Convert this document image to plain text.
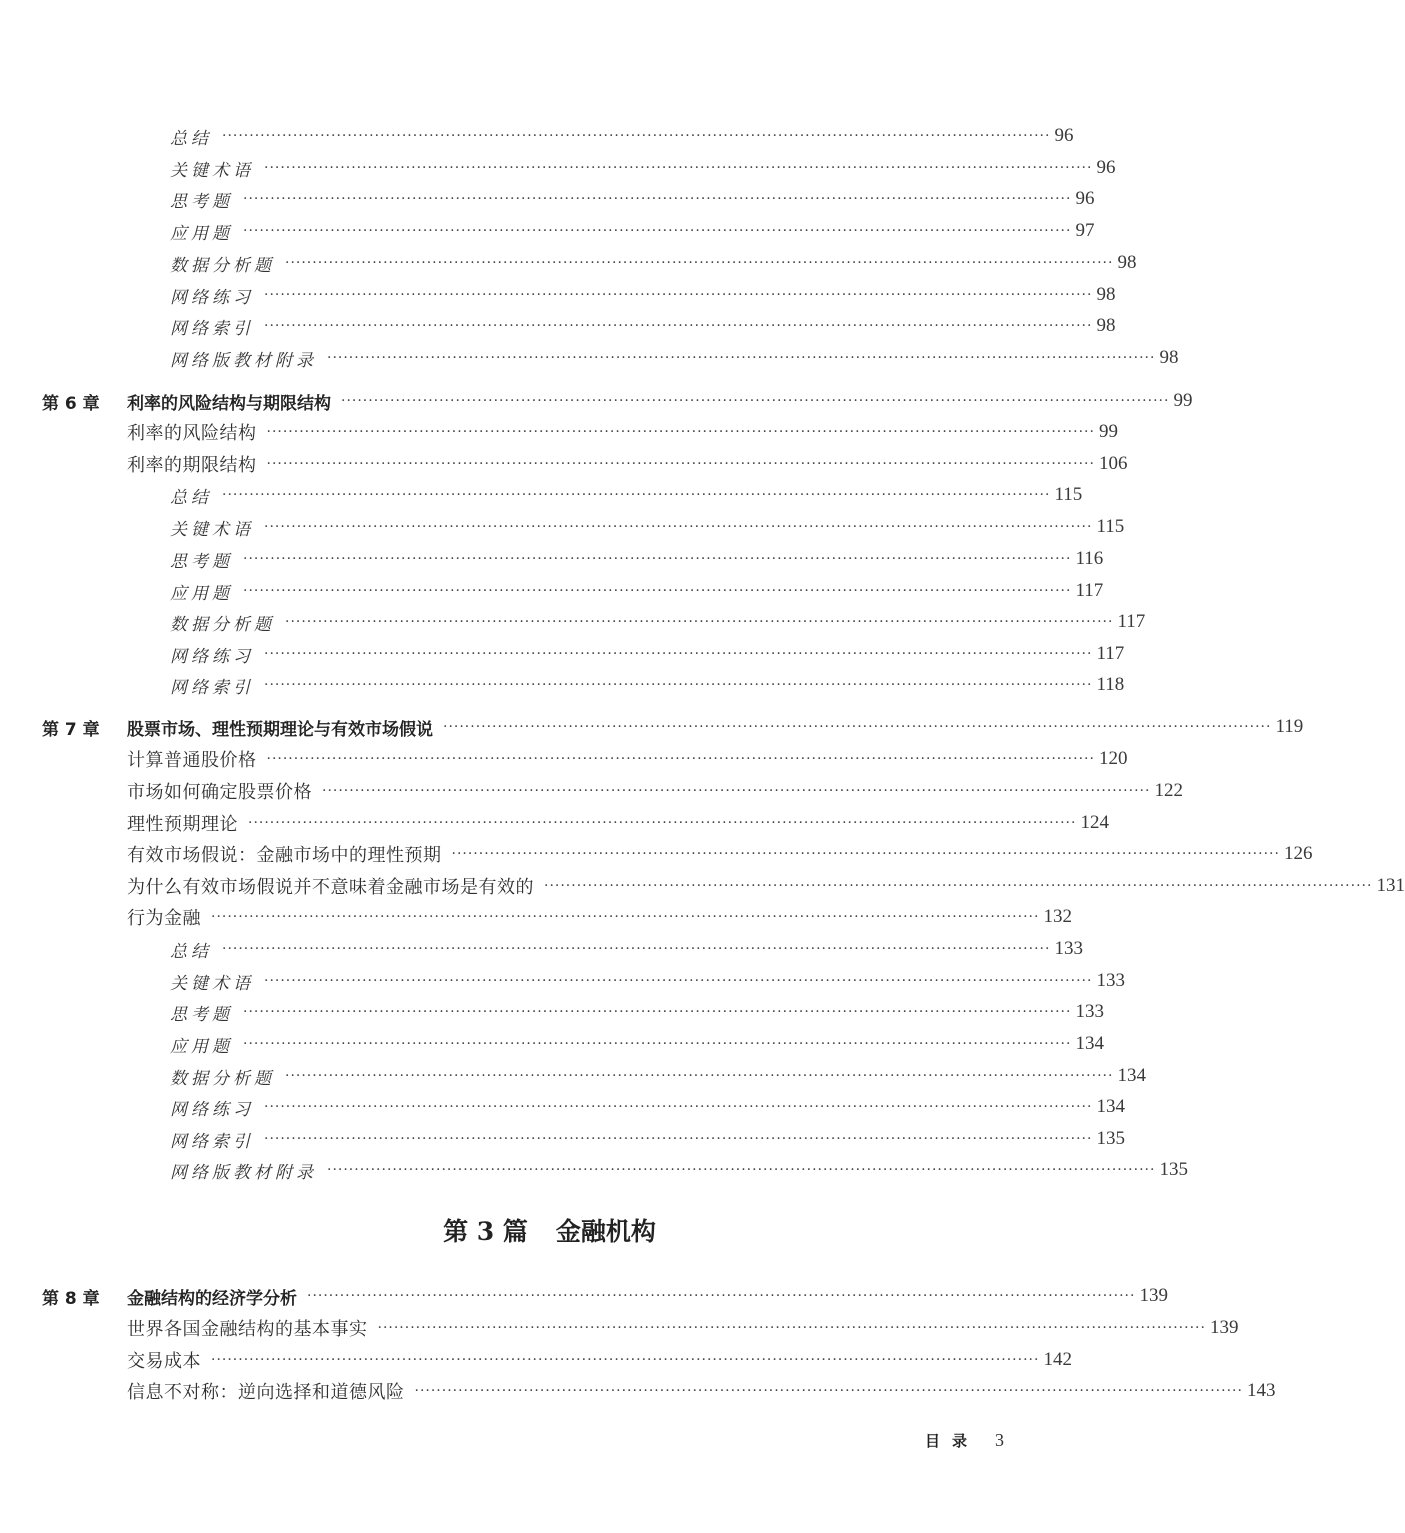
总结 ························································································································································ 96
关键术语 ························································································································································ 96
思考题 ························································································································································ 96
应用题 ························································································································································ 97
数据分析题 ························································································································································ 98
网络练习 ························································································································································ 98
网络索引 ························································································································································ 98
网络版教材附录 ························································································································································ 98
第 6 章	利率的风险结构与期限结构 ························································································································································ 99
利率的风险结构 ························································································································································ 99
利率的期限结构 ························································································································································ 106
总结 ························································································································································ 115
关键术语 ························································································································································ 115
思考题 ························································································································································ 116
应用题 ························································································································································ 117
数据分析题 ························································································································································ 117
网络练习 ························································································································································ 117
网络索引 ························································································································································ 118
第 7 章	股票市场、理性预期理论与有效市场假说 ························································································································································ 119
计算普通股价格 ························································································································································ 120
市场如何确定股票价格 ························································································································································ 122
理性预期理论 ························································································································································ 124
有效市场假说：金融市场中的理性预期 ························································································································································ 126
为什么有效市场假说并不意味着金融市场是有效的 ························································································································································ 131
行为金融 ························································································································································ 132
总结 ························································································································································ 133
关键术语 ························································································································································ 133
思考题 ························································································································································ 133
应用题 ························································································································································ 134
数据分析题 ························································································································································ 134
网络练习 ························································································································································ 134
网络索引 ························································································································································ 135
网络版教材附录 ························································································································································ 135
第 3 篇 金融机构
第 8 章	金融结构的经济学分析 ························································································································································ 139
世界各国金融结构的基本事实 ························································································································································ 139
交易成本 ························································································································································ 142
信息不对称：逆向选择和道德风险 ························································································································································ 143
目录 3
